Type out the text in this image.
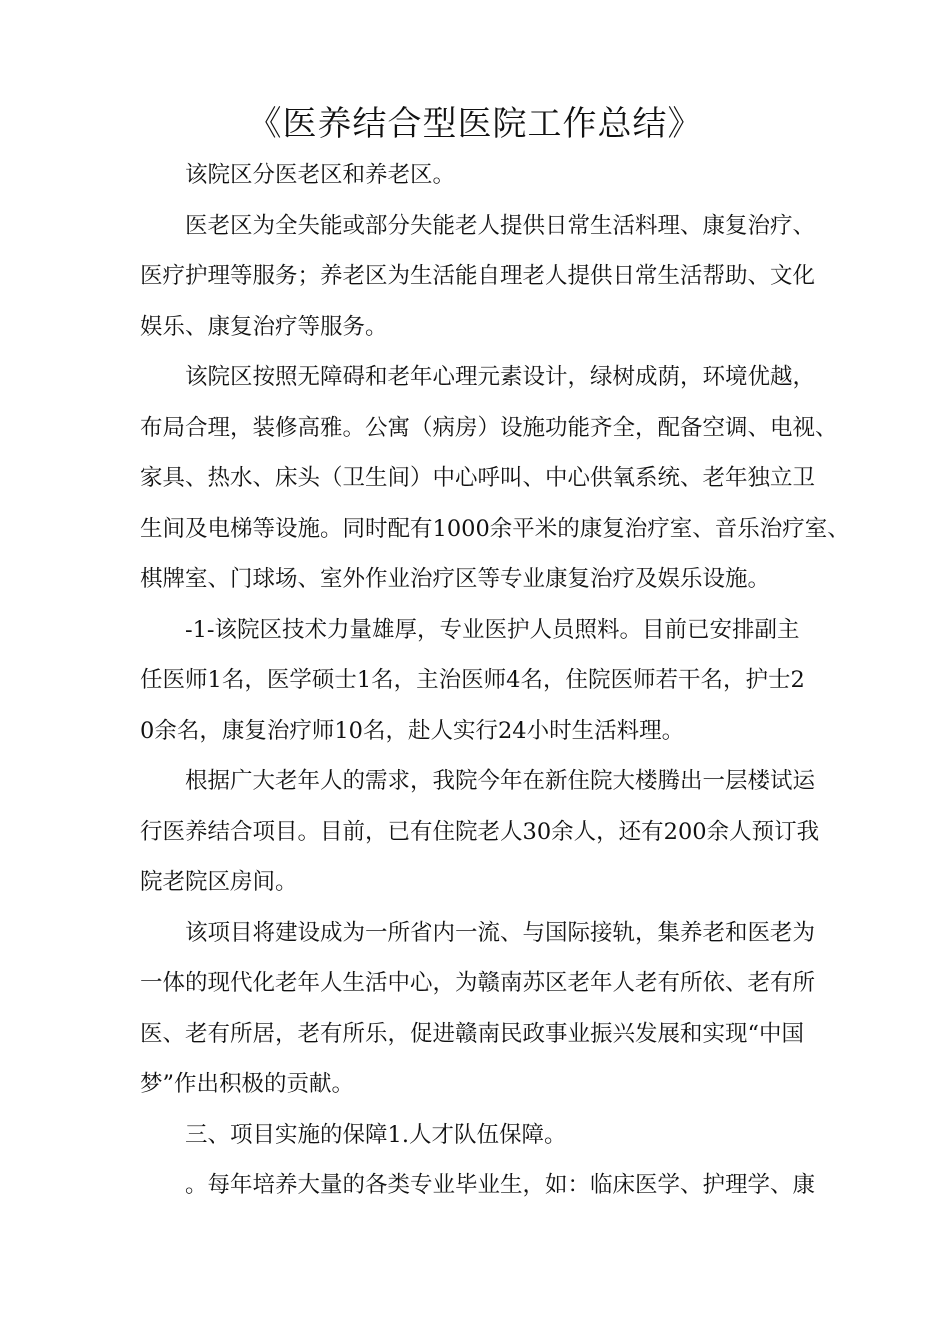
《医养结合型医院工作总结》
该院区分医老区和养老区。
医老区为全失能或部分失能老人提供日常生活料理、康复治疗、
医疗护理等服务；养老区为生活能自理老人提供日常生活帮助、文化
娱乐、康复治疗等服务。
该院区按照无障碍和老年心理元素设计，绿树成荫，环境优越，
布局合理，装修高雅。公寓（病房）设施功能齐全，配备空调、电视、
家具、热水、床头（卫生间）中心呼叫、中心供氧系统、老年独立卫
生间及电梯等设施。同时配有1000余平米的康复治疗室、音乐治疗室、
棋牌室、门球场、室外作业治疗区等专业康复治疗及娱乐设施。
-1-该院区技术力量雄厚，专业医护人员照料。目前已安排副主
任医师1名，医学硕士1名，主治医师4名，住院医师若干名，护士2
0余名，康复治疗师10名，赴人实行24小时生活料理。
根据广大老年人的需求，我院今年在新住院大楼腾出一层楼试运
行医养结合项目。目前，已有住院老人30余人，还有200余人预订我
院老院区房间。
该项目将建设成为一所省内一流、与国际接轨，集养老和医老为
一体的现代化老年人生活中心，为赣南苏区老年人老有所依、老有所
医、老有所居，老有所乐，促进赣南民政事业振兴发展和实现“中国
梦”作出积极的贡献。
三、项目实施的保障1.人才队伍保障。
。每年培养大量的各类专业毕业生，如：临床医学、护理学、康
